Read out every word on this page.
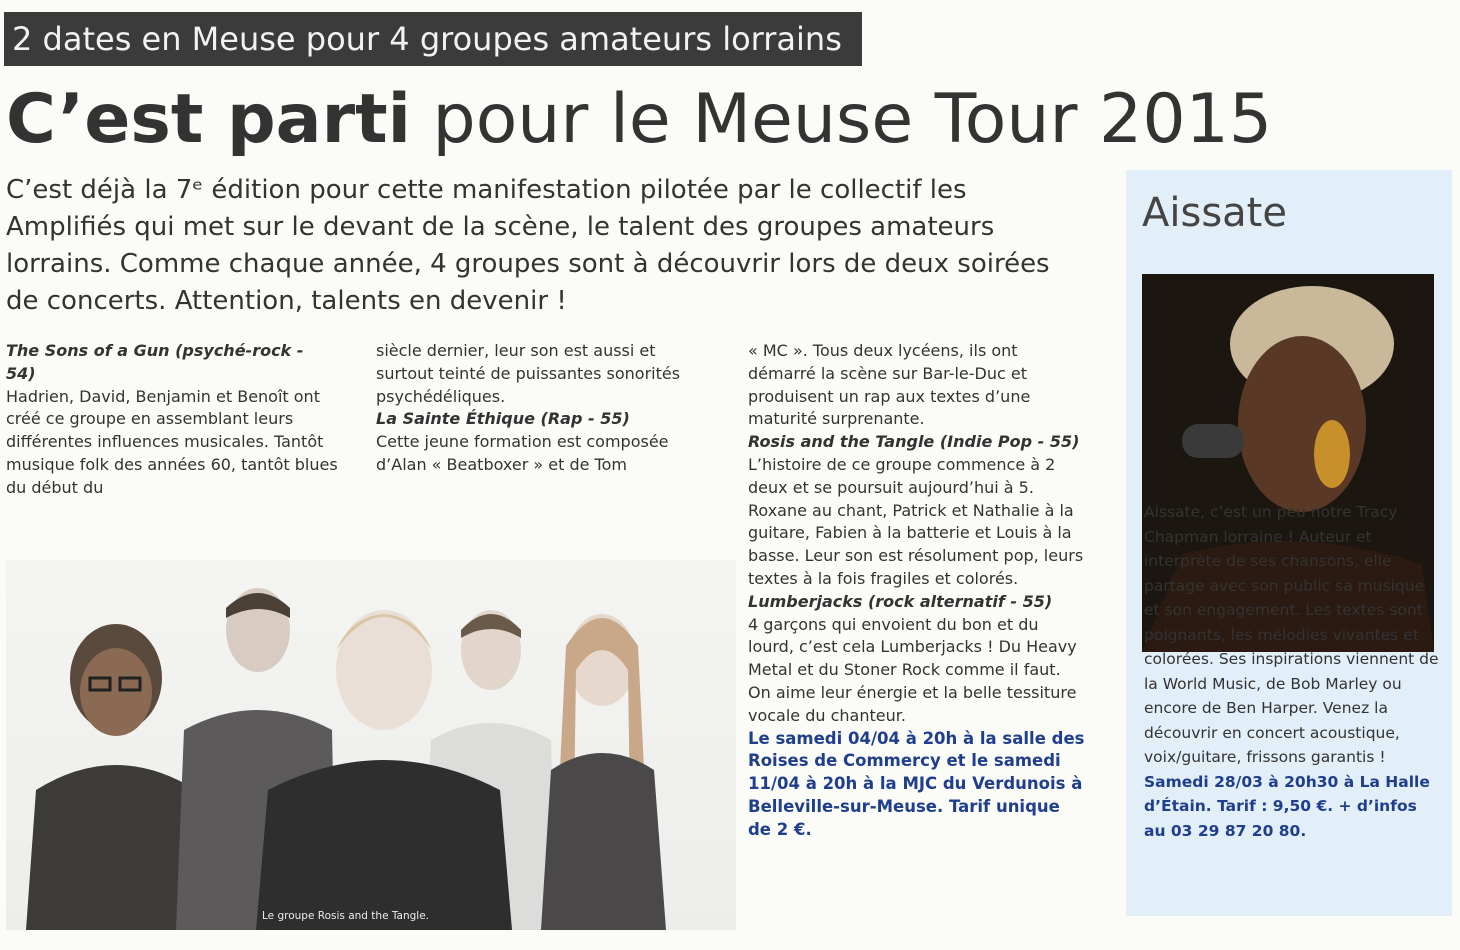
2 dates en Meuse pour 4 groupes amateurs lorrains
C’est parti pour le Meuse Tour 2015
C’est déjà la 7ᵉ édition pour cette manifestation pilotée par le collectif les Amplifiés qui met sur le devant de la scène, le talent des groupes amateurs lorrains. Comme chaque année, 4 groupes sont à découvrir lors de deux soirées de concerts. Attention, talents en devenir !
The Sons of a Gun (psyché-rock - 54)

Hadrien, David, Benjamin et Benoît ont créé ce groupe en assemblant leurs différentes influences musicales. Tantôt musique folk des années 60, tantôt blues du début du

siècle dernier, leur son est aussi et surtout teinté de puissantes sonorités psychédéliques.

La Sainte Éthique (Rap - 55)

Cette jeune formation est composée d’Alan « Beatboxer » et de Tom

« MC ». Tous deux lycéens, ils ont démarré la scène sur Bar-le-Duc et produisent un rap aux textes d’une maturité surprenante.

Rosis and the Tangle (Indie Pop - 55)

L’histoire de ce groupe commence à 2 deux et se poursuit aujourd’hui à 5. Roxane au chant, Patrick et Nathalie à la guitare, Fabien à la batterie et Louis à la basse. Leur son est résolument pop, leurs textes à la fois fragiles et colorés.

Lumberjacks (rock alternatif - 55)

4 garçons qui envoient du bon et du lourd, c’est cela Lumberjacks ! Du Heavy Metal et du Stoner Rock comme il faut. On aime leur énergie et la belle tessiture vocale du chanteur.

Le samedi 04/04 à 20h à la salle des Roises de Commercy et le samedi 11/04 à 20h à la MJC du Verdunois à Belleville-sur-Meuse. Tarif unique de 2 €.

Le groupe Rosis and the Tangle.
Aissate

Aissate, c’est un peu notre Tracy Chapman lorraine ! Auteur et interprète de ses chansons, elle partage avec son public sa musique et son engagement. Les textes sont poignants, les mélodies vivantes et colorées. Ses inspirations viennent de la World Music, de Bob Marley ou encore de Ben Harper. Venez la découvrir en concert acoustique, voix/guitare, frissons garantis !

Samedi 28/03 à 20h30 à La Halle d’Étain. Tarif : 9,50 €. + d’infos au 03 29 87 20 80.
